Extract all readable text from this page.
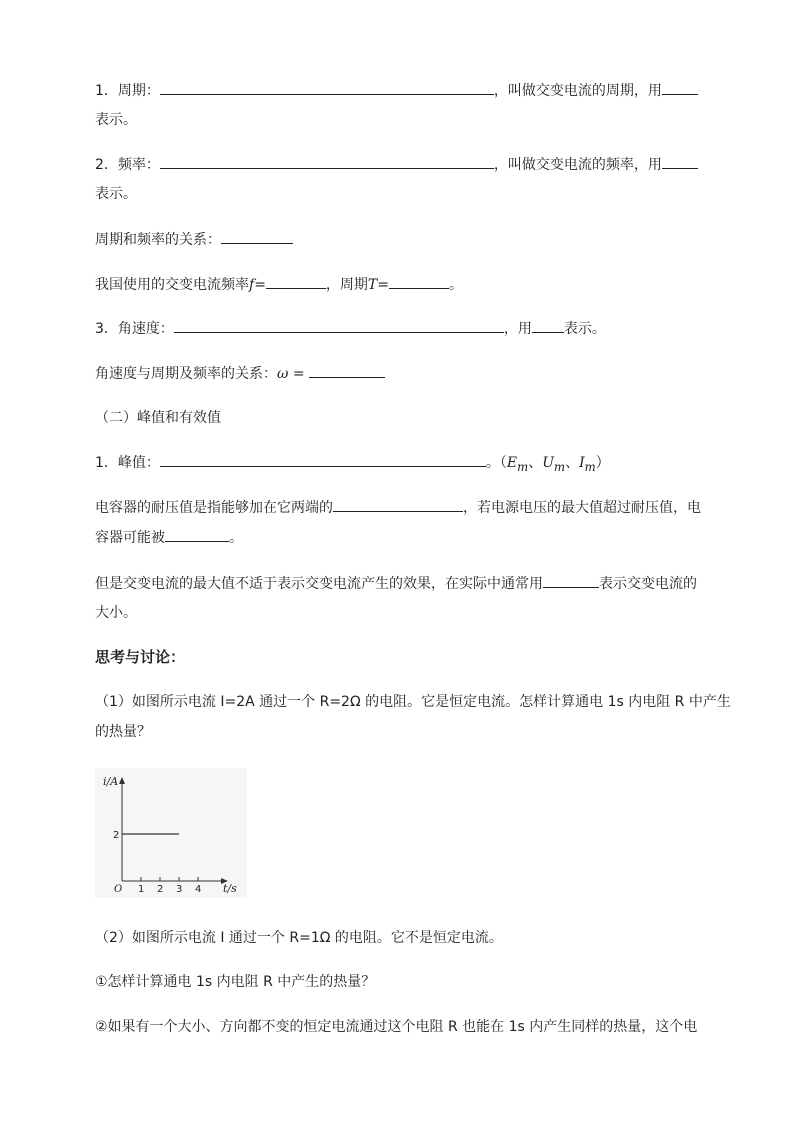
1．周期：	，叫做交变电流的周期，用
表示。
2．频率：	，叫做交变电流的频率，用
表示。
周期和频率的关系：
我国使用的交变电流频率f=	，周期T=	。
3．角速度：	，用 表示。
角速度与周期及频率的关系：ω =
（二）峰值和有效值
1．峰值：	。（$E_m$、$U_m$、$I_m$）
电容器的耐压值是指能够加在它两端的	，若电源电压的最大值超过耐压值，电
容器可能被	。
但是交变电流的最大值不适于表示交变电流产生的效果，在实际中通常用	表示交变电流的
大小。
思考与讨论：
（1）如图所示电流 I=2A 通过一个 R=2Ω 的电阻。它是恒定电流。怎样计算通电 1s 内电阻 R 中产生
的热量？
i/A
t/s
O 1 2 3 4
2
（2）如图所示电流 I 通过一个 R=1Ω 的电阻。它不是恒定电流。
①怎样计算通电 1s 内电阻 R 中产生的热量？
②如果有一个大小、方向都不变的恒定电流通过这个电阻 R 也能在 1s 内产生同样的热量，这个电
